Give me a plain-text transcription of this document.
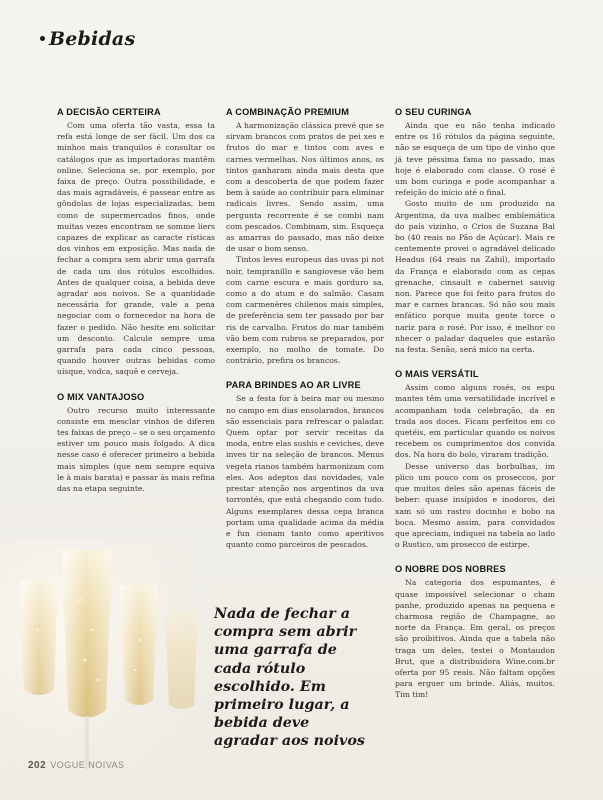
Bebidas
A DECISÃO CERTEIRA

Com uma oferta tão vasta, essa ta refa está longe de ser fácil. Um dos ca minhos mais tranquilos é consultar os catálogos que as importadoras mantêm online. Seleciona se, por exemplo, por faixa de preço. Outra possibilidade, e das mais agradáveis, é passear entre as gôndolas de lojas especializadas, bem como de supermercados finos, onde muitas vezes encontram se somme liers capazes de explicar as caracte rísticas dos vinhos em exposição. Mas nada de fechar a compra sem abrir uma garrafa de cada um dos rótulos escolhidos. Antes de qualquer coisa, a bebida deve agradar aos noivos. Se a quantidade necessária for grande, vale a pena negociar com o fornecedor na hora de fazer o pedido. Não hesite em solicitar um desconto. Calcule sempre uma garrafa para cada cinco pessoas, quando houver outras bebidas como uísque, vodca, saquê e cerveja.

O MIX VANTAJOSO

Outro recurso muito interessante consiste em mesclar vinhos de diferen tes faixas de preço – se o seu orçamento estiver um pouco mais folgado. A dica nesse caso é oferecer primeiro a bebida mais simples (que nem sempre equiva le à mais barata) e passar às mais refina das na etapa seguinte.

A COMBINAÇÃO PREMIUM

A harmonização clássica prevê que se sirvam brancos com pratos de pei xes e frutos do mar e tintos com aves e carnes vermelhas. Nos últimos anos, os tintos ganharam ainda mais desta que com a descoberta de que podem fazer bem à saúde ao contribuir para eliminar radicais livres. Sendo assim, uma pergunta recorrente é se combi nam com pescados. Combinam, sim. Esqueça as amarras do passado, mas não deixe de usar o bom senso.

Tintos leves europeus das uvas pi not noir, tempranillo e sangiovese vão bem com carne escura e mais gorduro sa, como a do atum e do salmão. Casam com carmenères chilenos mais simples, de preferência sem ter passado por bar ris de carvalho. Frutos do mar também vão bem com rubros se preparados, por exemplo, no molho de tomate. Do contrário, prefira os brancos.

PARA BRINDES AO AR LIVRE

Se a festa for à beira mar ou mesmo no campo em dias ensolarados, brancos são essenciais para refrescar o paladar. Quem optar por servir receitas da moda, entre elas sushis e ceviches, deve inves tir na seleção de brancos. Menus vegeta rianos também harmonizam com eles. Aos adeptos das novidades, vale prestar atenção nos argentinos da uva torrontés, que está chegando com tudo. Alguns exemplares dessa cepa branca portam uma qualidade acima da média e fun cionam tanto como aperitivos quanto como parceiros de pescados.

O SEU CURINGA

Ainda que eu não tenha indicado entre os 16 rótulos da página seguinte, não se esqueça de um tipo de vinho que já teve péssima fama no passado, mas hoje é elaborado com classe. O rosé é um bom curinga e pode acompanhar a refeição do início até o final.

Gosto muito de um produzido na Argentina, da uva malbec emblemática do país vizinho, o Crios de Suzana Bal bo (40 reais no Pão de Açúcar). Mais re centemente provei o agradável delicado Headus (64 reais na Zahil), importado da França e elaborado com as cepas grenache, cinsault e cabernet sauvig non. Parece que foi feito para frutos do mar e carnes brancas. Só não sou mais enfático porque muita gente torce o nariz para o rosé. Por isso, é melhor co nhecer o paladar daqueles que estarão na festa. Senão, será mico na certa.

O MAIS VERSÁTIL

Assim como alguns rosés, os espu mantes têm uma versatilidade incrível e acompanham toda celebração, da en trada aos doces. Ficam perfeitos em co quetéis, em particular quando os noivos recebem os cumprimentos dos convida dos. Na hora do bolo, viraram tradição.

Desse universo das borbulhas, im plico um pouco com os proseccos, por que muitos deles são apenas fáceis de beber: quase insípidos e inodoros, dei xam só um rastro docinho e bobo na boca. Mesmo assim, para convidados que apreciam, indiquei na tabela ao lado o Rustico, um prosecco de estirpe.

O NOBRE DOS NOBRES

Na categoria dos espumantes, é quase impossível selecionar o cham panhe, produzido apenas na pequena e charmosa região de Champagne, ao norte da França. Em geral, os preços são proibitivos. Ainda que a tabela não traga um deles, testei o Montaudon Brut, que a distribuidora Wine.com.br oferta por 95 reais. Não faltam opções para erguer um brinde. Aliás, muitos. Tim tim!

Nada de fechar a compra sem abrir uma garrafa de cada rótulo escolhido. Em primeiro lugar, a bebida deve agradar aos noivos
202 VOGUE NOIVAS
